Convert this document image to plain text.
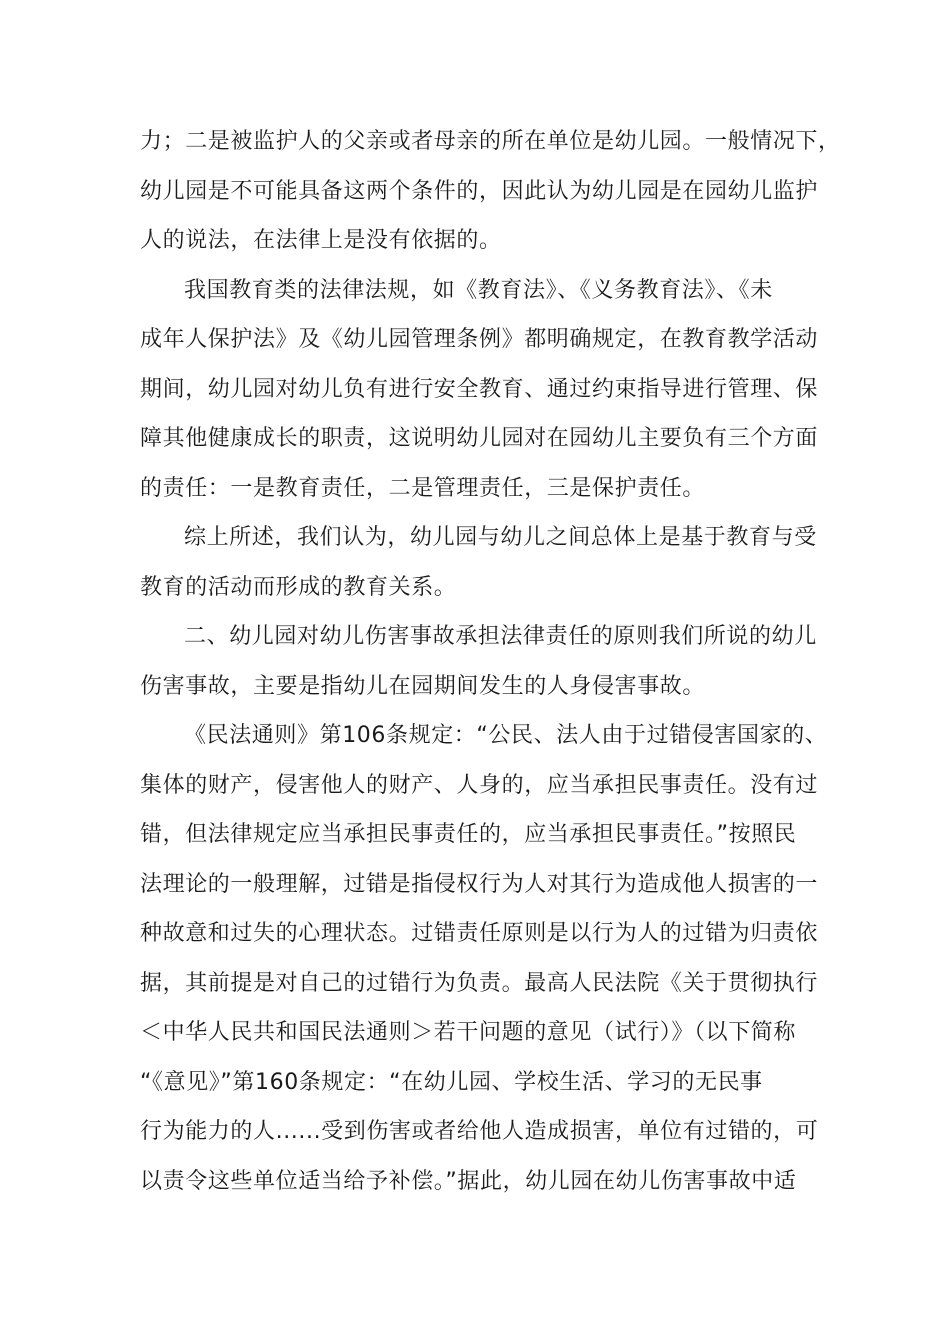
力；二是被监护人的父亲或者母亲的所在单位是幼儿园。一般情况下，
幼儿园是不可能具备这两个条件的，因此认为幼儿园是在园幼儿监护
人的说法，在法律上是没有依据的。
我国教育类的法律法规，如《教育法》、《义务教育法》、《未
成年人保护法》及《幼儿园管理条例》都明确规定，在教育教学活动
期间，幼儿园对幼儿负有进行安全教育、通过约束指导进行管理、保
障其他健康成长的职责，这说明幼儿园对在园幼儿主要负有三个方面
的责任：一是教育责任，二是管理责任，三是保护责任。
综上所述，我们认为，幼儿园与幼儿之间总体上是基于教育与受
教育的活动而形成的教育关系。
二、幼儿园对幼儿伤害事故承担法律责任的原则我们所说的幼儿
伤害事故，主要是指幼儿在园期间发生的人身侵害事故。
《民法通则》第106条规定：“公民、法人由于过错侵害国家的、
集体的财产，侵害他人的财产、人身的，应当承担民事责任。没有过
错，但法律规定应当承担民事责任的，应当承担民事责任。”按照民
法理论的一般理解，过错是指侵权行为人对其行为造成他人损害的一
种故意和过失的心理状态。过错责任原则是以行为人的过错为归责依
据，其前提是对自己的过错行为负责。最高人民法院《关于贯彻执行
＜中华人民共和国民法通则＞若干问题的意见（试行）》（以下简称
“《意见》”第160条规定：“在幼儿园、学校生活、学习的无民事
行为能力的人......受到伤害或者给他人造成损害，单位有过错的，可
以责令这些单位适当给予补偿。”据此，幼儿园在幼儿伤害事故中适
